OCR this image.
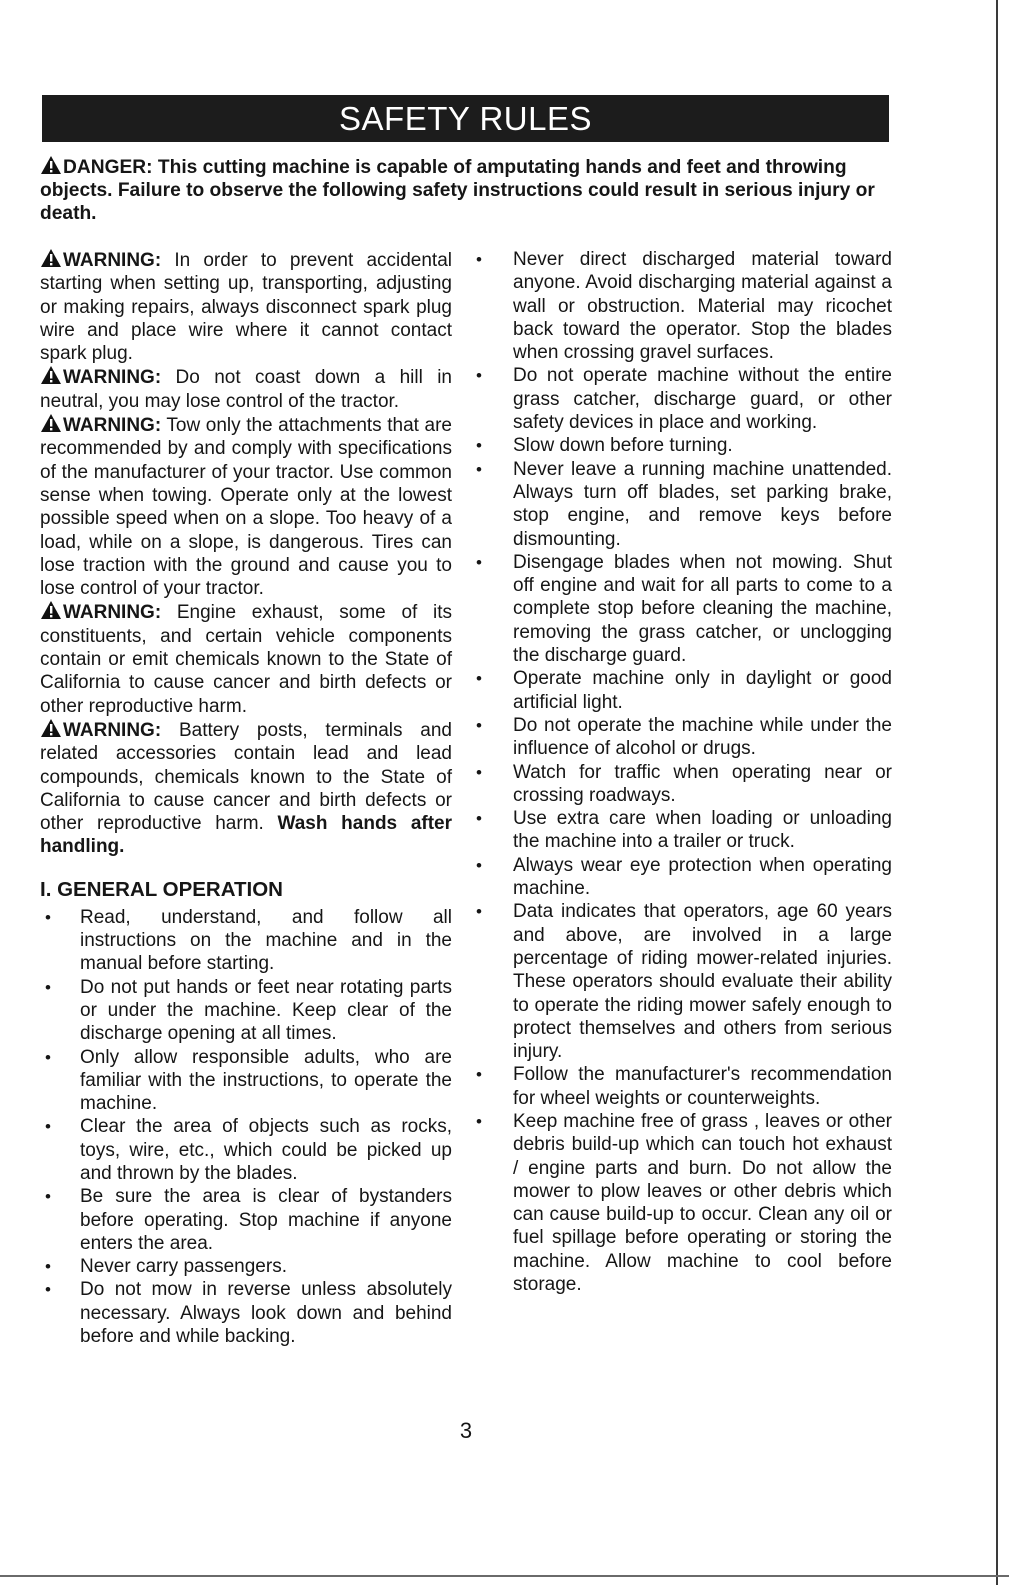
SAFETY RULES

DANGER: This cutting machine is capable of amputating hands and feet and throwing objects. Failure to observe the following safety instructions could result in serious injury or death.

WARNING: In order to prevent accidental starting when setting up, transporting, adjusting or making repairs, always disconnect spark plug wire and place wire where it cannot contact spark plug.

WARNING: Do not coast down a hill in neutral, you may lose control of the tractor.

WARNING: Tow only the attachments that are recommended by and comply with specifications of the manufacturer of your tractor. Use common sense when towing. Operate only at the lowest possible speed when on a slope. Too heavy of a load, while on a slope, is dangerous. Tires can lose traction with the ground and cause you to lose control of your tractor.

WARNING: Engine exhaust, some of its constituents, and certain vehicle components contain or emit chemicals known to the State of California to cause cancer and birth defects or other reproductive harm.

WARNING: Battery posts, terminals and related accessories contain lead and lead compounds, chemicals known to the State of California to cause cancer and birth defects or other reproductive harm. Wash hands after handling.

I. GENERAL OPERATION
• Read, understand, and follow all instructions on the machine and in the manual before starting.
• Do not put hands or feet near rotating parts or under the machine. Keep clear of the discharge opening at all times.
• Only allow responsible adults, who are familiar with the instructions, to operate the machine.
• Clear the area of objects such as rocks, toys, wire, etc., which could be picked up and thrown by the blades.
• Be sure the area is clear of bystanders before operating. Stop machine if anyone enters the area.
• Never carry passengers.
• Do not mow in reverse unless absolutely necessary. Always look down and behind before and while backing.
• Never direct discharged material toward anyone. Avoid discharging material against a wall or obstruction. Material may ricochet back toward the operator. Stop the blades when crossing gravel surfaces.
• Do not operate machine without the entire grass catcher, discharge guard, or other safety devices in place and working.
• Slow down before turning.
• Never leave a running machine unattended. Always turn off blades, set parking brake, stop engine, and remove keys before dismounting.
• Disengage blades when not mowing. Shut off engine and wait for all parts to come to a complete stop before cleaning the machine, removing the grass catcher, or unclogging the discharge guard.
• Operate machine only in daylight or good artificial light.
• Do not operate the machine while under the influence of alcohol or drugs.
• Watch for traffic when operating near or crossing roadways.
• Use extra care when loading or unloading the machine into a trailer or truck.
• Always wear eye protection when operating machine.
• Data indicates that operators, age 60 years and above, are involved in a large percentage of riding mower-related injuries. These operators should evaluate their ability to operate the riding mower safely enough to protect themselves and others from serious injury.
• Follow the manufacturer's recommendation for wheel weights or counterweights.
• Keep machine free of grass , leaves or other debris build-up which can touch hot exhaust / engine parts and burn. Do not allow the mower to plow leaves or other debris which can cause build-up to occur. Clean any oil or fuel spillage before operating or storing the machine. Allow machine to cool before storage.
3
